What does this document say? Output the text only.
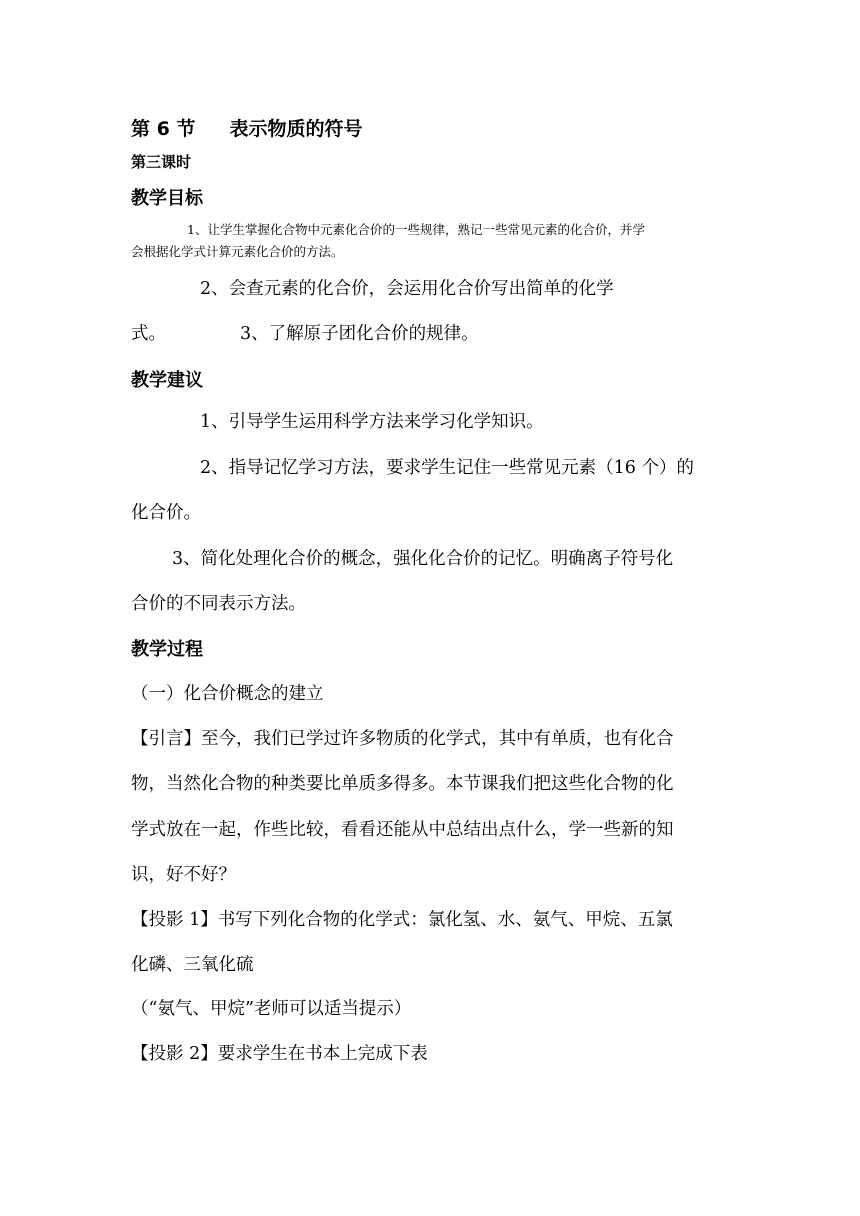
第 6 节 表示物质的符号
第三课时
教学目标
1、让学生掌握化合物中元素化合价的一些规律，熟记一些常见元素的化合价，并学
会根据化学式计算元素化合价的方法。
2、会查元素的化合价，会运用化合价写出简单的化学
式。	3、了解原子团化合价的规律。
教学建议
1、引导学生运用科学方法来学习化学知识。
2、指导记忆学习方法，要求学生记住一些常见元素（16 个）的
化合价。
3、简化处理化合价的概念，强化化合价的记忆。明确离子符号化
合价的不同表示方法。
教学过程
（一）化合价概念的建立
【引言】至今，我们已学过许多物质的化学式，其中有单质，也有化合
物，当然化合物的种类要比单质多得多。本节课我们把这些化合物的化
学式放在一起，作些比较，看看还能从中总结出点什么，学一些新的知
识，好不好？
【投影 1】书写下列化合物的化学式：氯化氢、水、氨气、甲烷、五氯
化磷、三氧化硫
（“氨气、甲烷”老师可以适当提示）
【投影 2】要求学生在书本上完成下表
